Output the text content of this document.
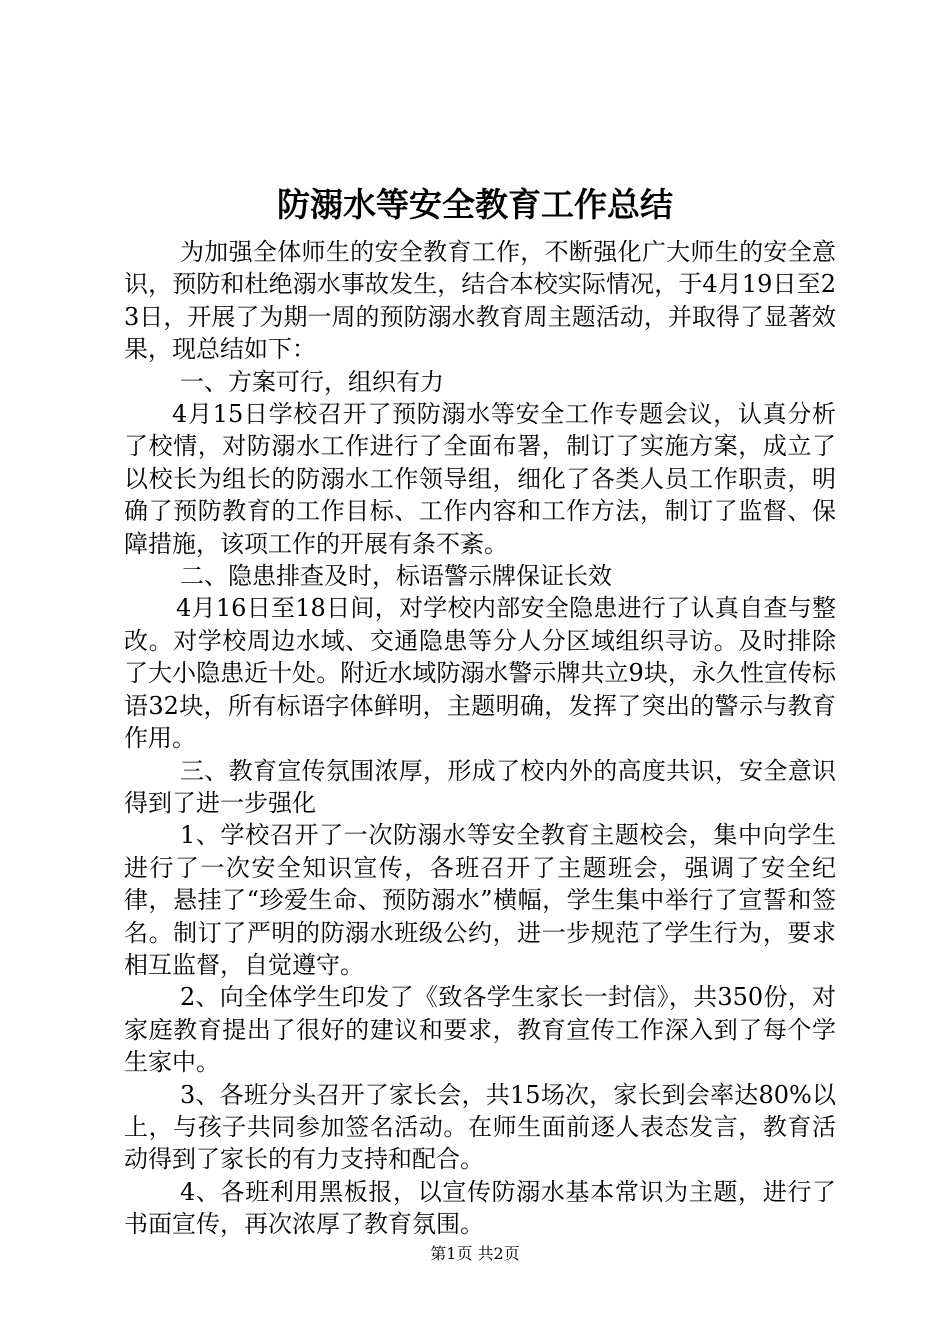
防溺水等安全教育工作总结

为加强全体师生的安全教育工作，不断强化广大师生的安全意识，预防和杜绝溺水事故发生，结合本校实际情况，于4月19日至23日，开展了为期一周的预防溺水教育周主题活动，并取得了显著效果，现总结如下：

一、方案可行，组织有力

4月15日学校召开了预防溺水等安全工作专题会议，认真分析了校情，对防溺水工作进行了全面布署，制订了实施方案，成立了以校长为组长的防溺水工作领导组，细化了各类人员工作职责，明确了预防教育的工作目标、工作内容和工作方法，制订了监督、保障措施，该项工作的开展有条不紊。

二、隐患排查及时，标语警示牌保证长效

4月16日至18日间，对学校内部安全隐患进行了认真自查与整改。对学校周边水域、交通隐患等分人分区域组织寻访。及时排除了大小隐患近十处。附近水域防溺水警示牌共立9块，永久性宣传标语32块，所有标语字体鲜明，主题明确，发挥了突出的警示与教育作用。

三、教育宣传氛围浓厚，形成了校内外的高度共识，安全意识得到了进一步强化

1、学校召开了一次防溺水等安全教育主题校会，集中向学生进行了一次安全知识宣传，各班召开了主题班会，强调了安全纪律，悬挂了“珍爱生命、预防溺水”横幅，学生集中举行了宣誓和签名。制订了严明的防溺水班级公约，进一步规范了学生行为，要求相互监督，自觉遵守。

2、向全体学生印发了《致各学生家长一封信》，共350份，对家庭教育提出了很好的建议和要求，教育宣传工作深入到了每个学生家中。

3、各班分头召开了家长会，共15场次，家长到会率达80%以上，与孩子共同参加签名活动。在师生面前逐人表态发言，教育活动得到了家长的有力支持和配合。

4、各班利用黑板报，以宣传防溺水基本常识为主题，进行了书面宣传，再次浓厚了教育氛围。

第1页 共2页
